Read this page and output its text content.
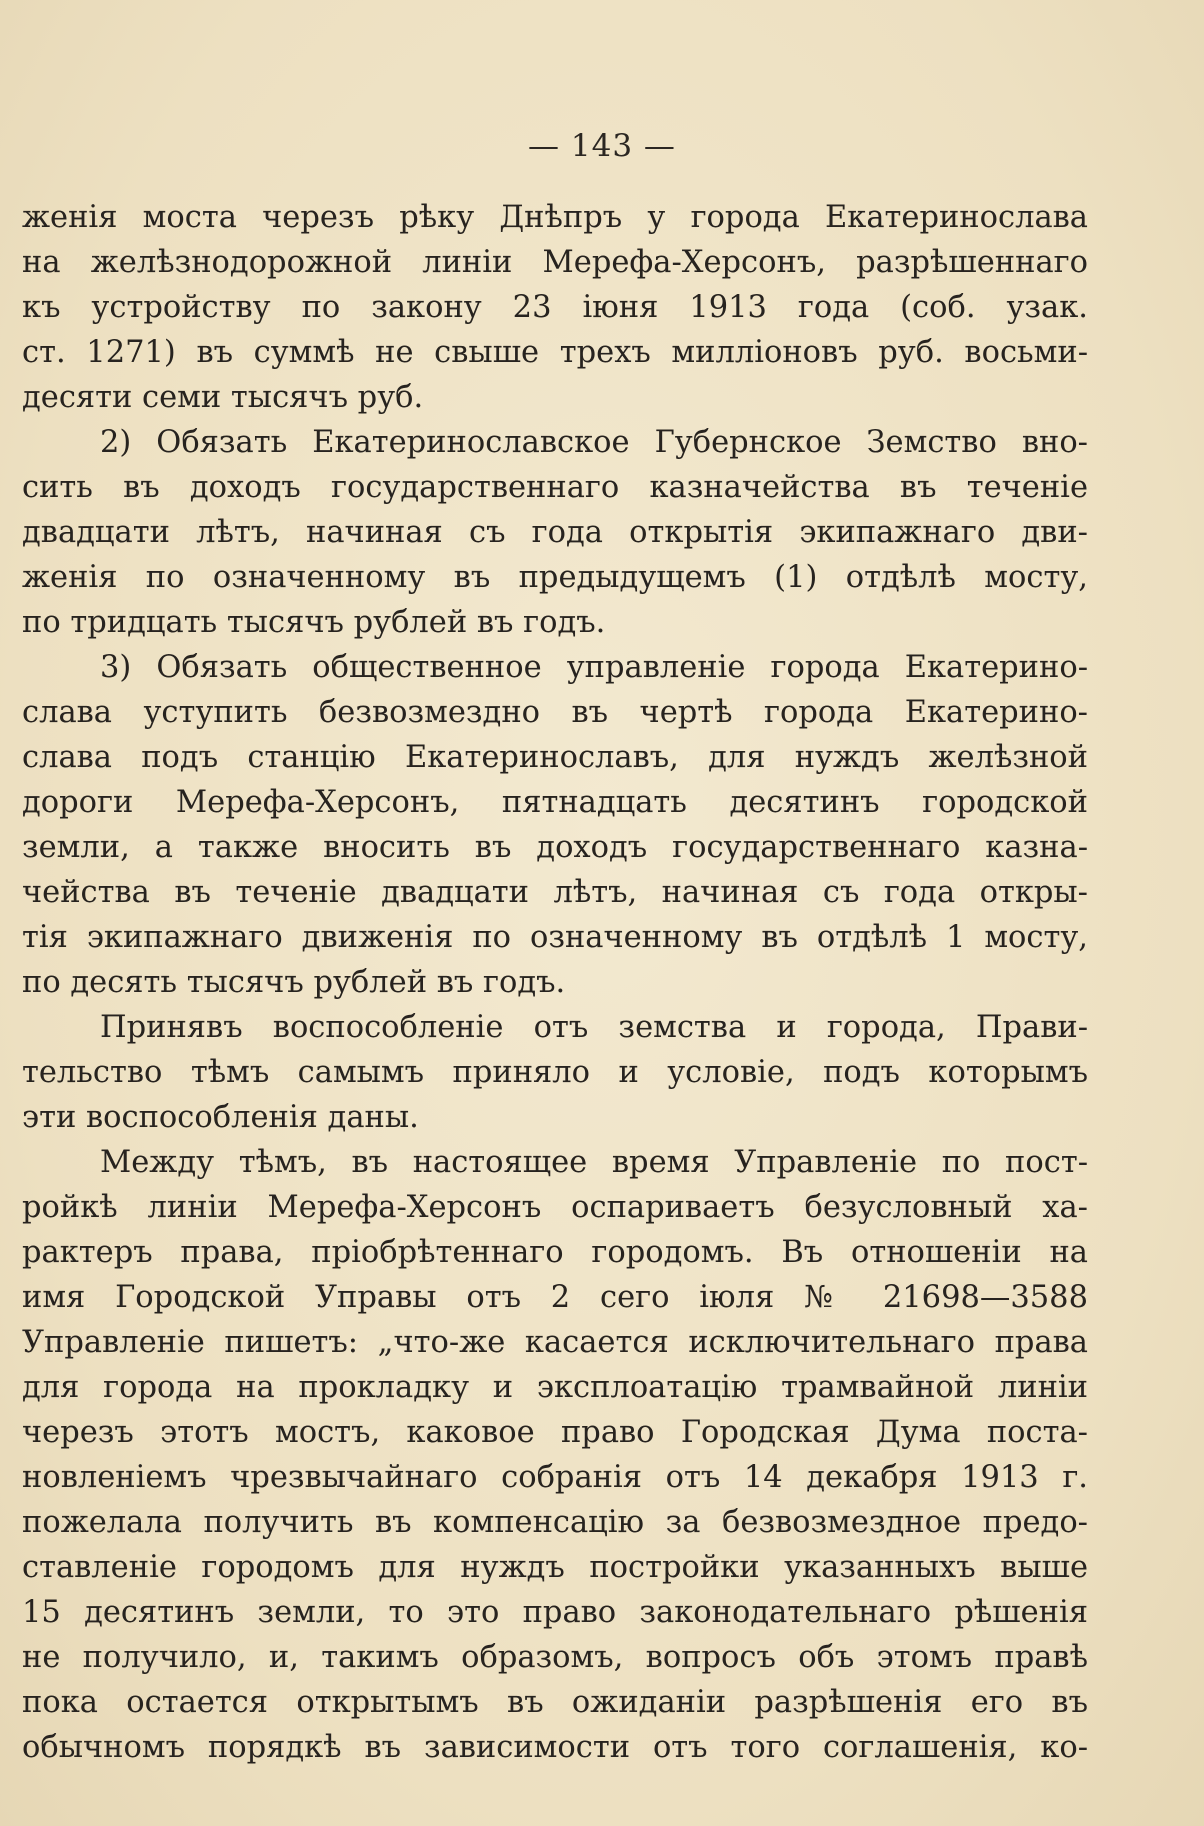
— 143 —
женія моста черезъ рѣку Днѣпръ у города Екатеринослава
на желѣзнодорожной линіи Мерефа-Херсонъ, разрѣшеннаго
къ устройству по закону 23 іюня 1913 года (соб. узак.
ст. 1271) въ суммѣ не свыше трехъ милліоновъ руб. восьми-
десяти семи тысячъ руб.
2) Обязать Екатеринославское Губернское Земство вно-
сить въ доходъ государственнаго казначейства въ теченіе
двадцати лѣтъ, начиная съ года открытія экипажнаго дви-
женія по означенному въ предыдущемъ (1) отдѣлѣ мосту,
по тридцать тысячъ рублей въ годъ.
3) Обязать общественное управленіе города Екатерино-
слава уступить безвозмездно въ чертѣ города Екатерино-
слава подъ станцію Екатеринославъ, для нуждъ желѣзной
дороги Мерефа-Херсонъ, пятнадцать десятинъ городской
земли, а также вносить въ доходъ государственнаго казна-
чейства въ теченіе двадцати лѣтъ, начиная съ года откры-
тія экипажнаго движенія по означенному въ отдѣлѣ 1 мосту,
по десять тысячъ рублей въ годъ.
Принявъ воспособленіе отъ земства и города, Прави-
тельство тѣмъ самымъ приняло и условіе, подъ которымъ
эти воспособленія даны.
Между тѣмъ, въ настоящее время Управленіе по пост-
ройкѣ линіи Мерефа-Херсонъ оспариваетъ безусловный ха-
рактеръ права, пріобрѣтеннаго городомъ. Въ отношеніи на
имя Городской Управы отъ 2 сего іюля № 21698—3588
Управленіе пишетъ: „что-же касается исключительнаго права
для города на прокладку и эксплоатацію трамвайной линіи
черезъ этотъ мостъ, каковое право Городская Дума поста-
новленіемъ чрезвычайнаго собранія отъ 14 декабря 1913 г.
пожелала получить въ компенсацію за безвозмездное предо-
ставленіе городомъ для нуждъ постройки указанныхъ выше
15 десятинъ земли, то это право законодательнаго рѣшенія
не получило, и, такимъ образомъ, вопросъ объ этомъ правѣ
пока остается открытымъ въ ожиданіи разрѣшенія его въ
обычномъ порядкѣ въ зависимости отъ того соглашенія, ко-
